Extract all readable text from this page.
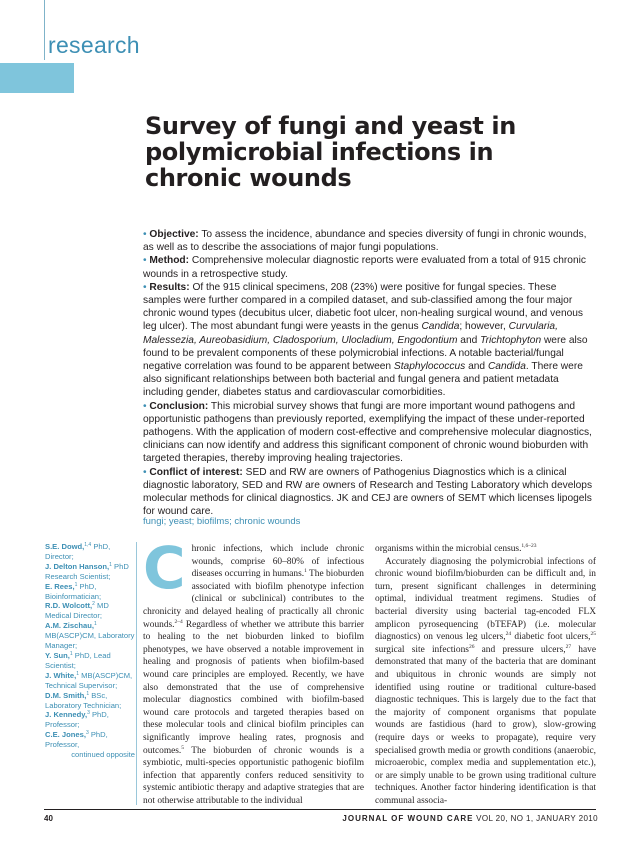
research
Survey of fungi and yeast in polymicrobial infections in chronic wounds

• Objective: To assess the incidence, abundance and species diversity of fungi in chronic wounds, as well as to describe the associations of major fungi populations.

• Method: Comprehensive molecular diagnostic reports were evaluated from a total of 915 chronic wounds in a retrospective study.

• Results: Of the 915 clinical specimens, 208 (23%) were positive for fungal species. These samples were further compared in a compiled dataset, and sub-classified among the four major chronic wound types (decubitus ulcer, diabetic foot ulcer, non-healing surgical wound, and venous leg ulcer). The most abundant fungi were yeasts in the genus Candida; however, Curvularia, Malessezia, Aureobasidium, Cladosporium, Ulocladium, Engodontium and Trichtophyton were also found to be prevalent components of these polymicrobial infections. A notable bacterial/fungal negative correlation was found to be apparent between Staphylococcus and Candida. There were also significant relationships between both bacterial and fungal genera and patient metadata including gender, diabetes status and cardiovascular comorbidities.

• Conclusion: This microbial survey shows that fungi are more important wound pathogens and opportunistic pathogens than previously reported, exemplifying the impact of these under-reported pathogens. With the application of modern cost-effective and comprehensive molecular diagnostics, clinicians can now identify and address this significant component of chronic wound bioburden with targeted therapies, thereby improving healing trajectories.

• Conflict of interest: SED and RW are owners of Pathogenius Diagnostics which is a clinical diagnostic laboratory, SED and RW are owners of Research and Testing Laboratory which develops molecular methods for clinical diagnostics. JK and CEJ are owners of SEMT which licenses lipogels for wound care.

fungi; yeast; biofilms; chronic wounds

S.E. Dowd,$^{1,4}$ PhD, Director;

J. Delton Hanson,$^1$ PhD Research Scientist;

E. Rees,$^1$ PhD, Bioinformatician;

R.D. Wolcott,$^2$ MD Medical Director;

A.M. Zischau,$^1$ MB(ASCP)CM, Laboratory Manager;

Y. Sun,$^1$ PhD, Lead Scientist;

J. White,$^1$ MB(ASCP)CM, Technical Supervisor;

D.M. Smith,$^1$ BSc, Laboratory Technician;

J. Kennedy,$^3$ PhD, Professor;

C.E. Jones,$^3$ PhD, Professor,

continued opposite

Chronic infections, which include chronic wounds, comprise 60–80% of infectious diseases occurring in humans.$^1$ The bioburden associated with biofilm phenotype infection (clinical or subclinical) contributes to the chronicity and delayed healing of practically all chronic wounds.$^{2-4}$ Regardless of whether we attribute this barrier to healing to the net bioburden linked to biofilm phenotypes, we have observed a notable improvement in healing and prognosis of patients when biofilm-based wound care principles are employed. Recently, we have also demonstrated that the use of comprehensive molecular diagnostics combined with biofilm-based wound care protocols and targeted therapies based on these molecular tools and clinical biofilm principles can significantly improve healing rates, prognosis and outcomes.$^5$ The bioburden of chronic wounds is a symbiotic, multi-species opportunistic pathogenic biofilm infection that apparently confers reduced sensitivity to systemic antibiotic therapy and adaptive strategies that are not otherwise attributable to the individual

organisms within the microbial census.$^{1,6-23}$

Accurately diagnosing the polymicrobial infections of chronic wound biofilm/bioburden can be difficult and, in turn, present significant challenges in determining optimal, individual treatment regimens. Studies of bacterial diversity using bacterial tag-encoded FLX amplicon pyrosequencing (bTEFAP) (i.e. molecular diagnostics) on venous leg ulcers,$^{24}$ diabetic foot ulcers,$^{25}$ surgical site infections$^{26}$ and pressure ulcers,$^{27}$ have demonstrated that many of the bacteria that are dominant and ubiquitous in chronic wounds are simply not identified using routine or traditional culture-based diagnostic techniques. This is largely due to the fact that the majority of component organisms that populate wounds are fastidious (hard to grow), slow-growing (require days or weeks to propagate), require very specialised growth media or growth conditions (anaerobic, microaerobic, complex media and supplementation etc.), or are simply unable to be grown using traditional culture techniques. Another factor hindering identification is that communal associa-

40	JOURNAL OF WOUND CARE VOL 20, NO 1, JANUARY 2010
